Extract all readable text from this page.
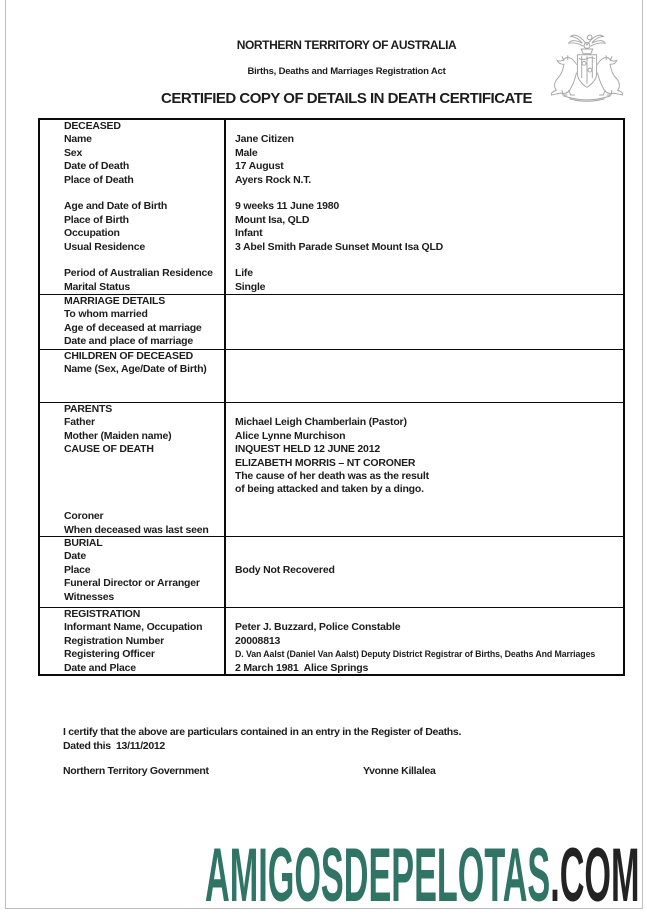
NORTHERN TERRITORY OF AUSTRALIA
Births, Deaths and Marriages Registration Act
CERTIFIED COPY OF DETAILS IN DEATH CERTIFICATE
DECEASED
Name	Jane Citizen
Sex	Male
Date of Death	17 August
Place of Death	Ayers Rock N.T.
Age and Date of Birth	9 weeks 11 June 1980
Place of Birth	Mount Isa, QLD
Occupation	Infant
Usual Residence	3 Abel Smith Parade Sunset Mount Isa QLD
Period of Australian Residence	Life
Marital Status	Single
MARRIAGE DETAILS
To whom married
Age of deceased at marriage
Date and place of marriage
CHILDREN OF DECEASED
Name (Sex, Age/Date of Birth)
PARENTS
Father	Michael Leigh Chamberlain (Pastor)
Mother (Maiden name)	Alice Lynne Murchison
CAUSE OF DEATH	INQUEST HELD 12 JUNE 2012
ELIZABETH MORRIS – NT CORONER
The cause of her death was as the result
of being attacked and taken by a dingo.
Coroner
When deceased was last seen
BURIAL
Date
Place	Body Not Recovered
Funeral Director or Arranger
Witnesses
REGISTRATION
Informant Name, Occupation	Peter J. Buzzard, Police Constable
Registration Number	20008813
Registering Officer	D. Van Aalst (Daniel Van Aalst) Deputy District Registrar of Births, Deaths And Marriages
Date and Place	2 March 1981  Alice Springs
I certify that the above are particulars contained in an entry in the Register of Deaths.
Dated this  13/11/2012
Northern Territory Government	Yvonne Killalea
AMIGOSDEPELOTAS.COM
